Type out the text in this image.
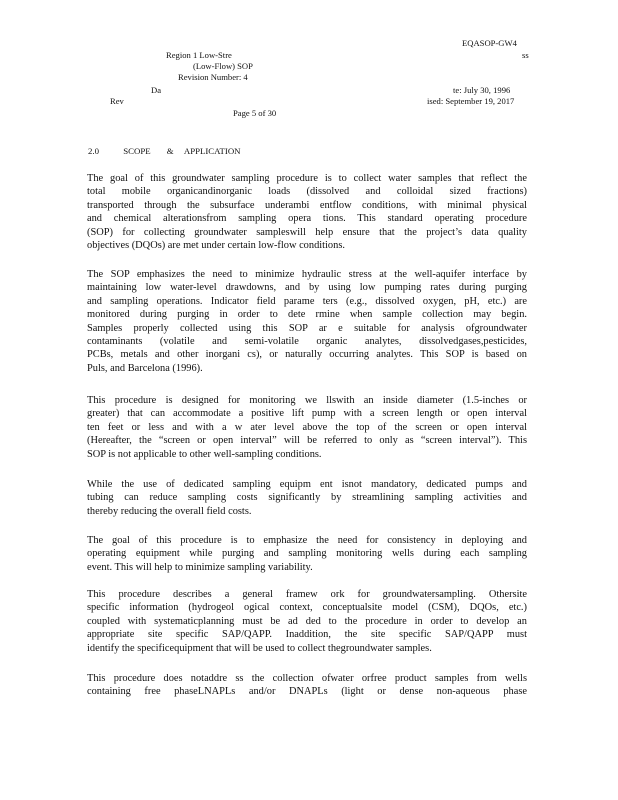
EQASOP-GW4
Region 1 Low-Stre	ss
(Low-Flow) SOP
Revision Number: 4
Da	te: July 30, 1996
Rev	ised: September 19, 2017
Page 5 of 30
2.0	SCOPE & APPLICATION
The goal of this groundwater sampling procedure is to collect water samples that reflect the
total mobile organicandinorganic loads (dissolved and colloidal sized fractions)
transported through the subsurface underambi entflow conditions, with minimal physical
and chemical alterationsfrom sampling opera tions. This standard operating procedure
(SOP) for collecting groundwater sampleswill help ensure that the project’s data quality
objectives (DQOs) are met under certain low-flow conditions.
The SOP emphasizes the need to minimize hydraulic stress at the well-aquifer interface by
maintaining low water-level drawdowns, and by using low pumping rates during purging
and sampling operations. Indicator field parame ters (e.g., dissolved oxygen, pH, etc.) are
monitored during purging in order to dete rmine when sample collection may begin.
Samples properly collected using this SOP ar e suitable for analysis ofgroundwater
contaminants (volatile and semi-volatile organic analytes, dissolvedgases,pesticides,
PCBs, metals and other inorgani cs), or naturally occurring analytes. This SOP is based on
Puls, and Barcelona (1996).
This procedure is designed for monitoring we llswith an inside diameter (1.5-inches or
greater) that can accommodate a positive lift pump with a screen length or open interval
ten feet or less and with a w ater level above the top of the screen or open interval
(Hereafter, the “screen or open interval” will be referred to only as “screen interval”). This
SOP is not applicable to other well-sampling conditions.
While the use of dedicated sampling equipm ent isnot mandatory, dedicated pumps and
tubing can reduce sampling costs significantly by streamlining sampling activities and
thereby reducing the overall field costs.
The goal of this procedure is to emphasize the need for consistency in deploying and
operating equipment while purging and sampling monitoring wells during each sampling
event. This will help to minimize sampling variability.
This procedure describes a general framew ork for groundwatersampling. Othersite
specific information (hydrogeol ogical context, conceptualsite model (CSM), DQOs, etc.)
coupled with systematicplanning must be ad ded to the procedure in order to develop an
appropriate site specific SAP/QAPP. Inaddition, the site specific SAP/QAPP must
identify the specificequipment that will be used to collect thegroundwater samples.
This procedure does notaddre ss the collection ofwater orfree product samples from wells
containing free phaseLNAPLs and/or DNAPLs (light or dense non-aqueous phase
